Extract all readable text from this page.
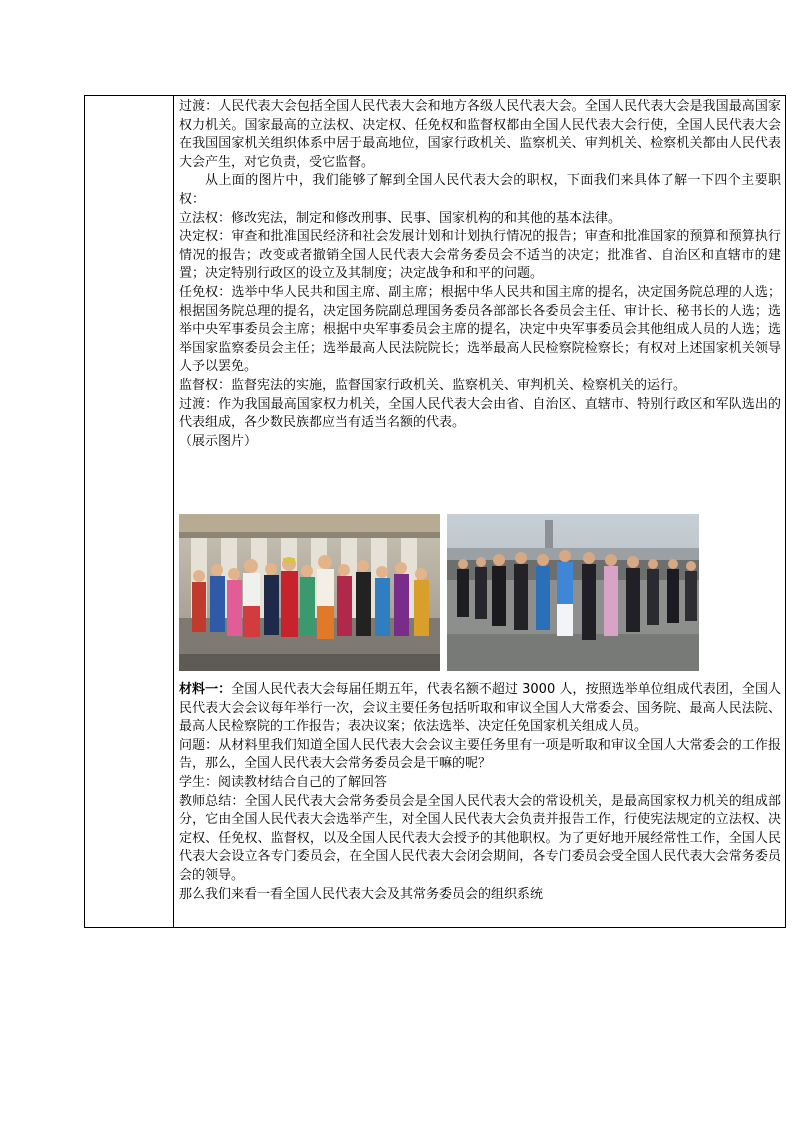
过渡：人民代表大会包括全国人民代表大会和地方各级人民代表大会。全国人民代表大会是我国最高国家权力机关。国家最高的立法权、决定权、任免权和监督权都由全国人民代表大会行使，全国人民代表大会在我国国家机关组织体系中居于最高地位，国家行政机关、监察机关、审判机关、检察机关都由人民代表大会产生，对它负责，受它监督。

从上面的图片中，我们能够了解到全国人民代表大会的职权，下面我们来具体了解一下四个主要职权：

立法权：修改宪法，制定和修改刑事、民事、国家机构的和其他的基本法律。

决定权：审查和批准国民经济和社会发展计划和计划执行情况的报告；审查和批准国家的预算和预算执行情况的报告；改变或者撤销全国人民代表大会常务委员会不适当的决定；批准省、自治区和直辖市的建置；决定特别行政区的设立及其制度；决定战争和和平的问题。

任免权：选举中华人民共和国主席、副主席；根据中华人民共和国主席的提名，决定国务院总理的人选；根据国务院总理的提名，决定国务院副总理国务委员各部部长各委员会主任、审计长、秘书长的人选；选举中央军事委员会主席；根据中央军事委员会主席的提名，决定中央军事委员会其他组成人员的人选；选举国家监察委员会主任；选举最高人民法院院长；选举最高人民检察院检察长；有权对上述国家机关领导人予以罢免。

监督权：监督宪法的实施，监督国家行政机关、监察机关、审判机关、检察机关的运行。

过渡：作为我国最高国家权力机关，全国人民代表大会由省、自治区、直辖市、特别行政区和军队选出的代表组成，各少数民族都应当有适当名额的代表。

（展示图片）

材料一：全国人民代表大会每届任期五年，代表名额不超过 3000 人，按照选举单位组成代表团，全国人民代表大会会议每年举行一次，会议主要任务包括听取和审议全国人大常委会、国务院、最高人民法院、最高人民检察院的工作报告；表决议案；依法选举、决定任免国家机关组成人员。

问题：从材料里我们知道全国人民代表大会会议主要任务里有一项是听取和审议全国人大常委会的工作报告，那么，全国人民代表大会常务委员会是干嘛的呢？

学生：阅读教材结合自己的了解回答

教师总结：全国人民代表大会常务委员会是全国人民代表大会的常设机关，是最高国家权力机关的组成部分，它由全国人民代表大会选举产生，对全国人民代表大会负责并报告工作，行使宪法规定的立法权、决定权、任免权、监督权，以及全国人民代表大会授予的其他职权。为了更好地开展经常性工作，全国人民代表大会设立各专门委员会，在全国人民代表大会闭会期间，各专门委员会受全国人民代表大会常务委员会的领导。

那么我们来看一看全国人民代表大会及其常务委员会的组织系统
